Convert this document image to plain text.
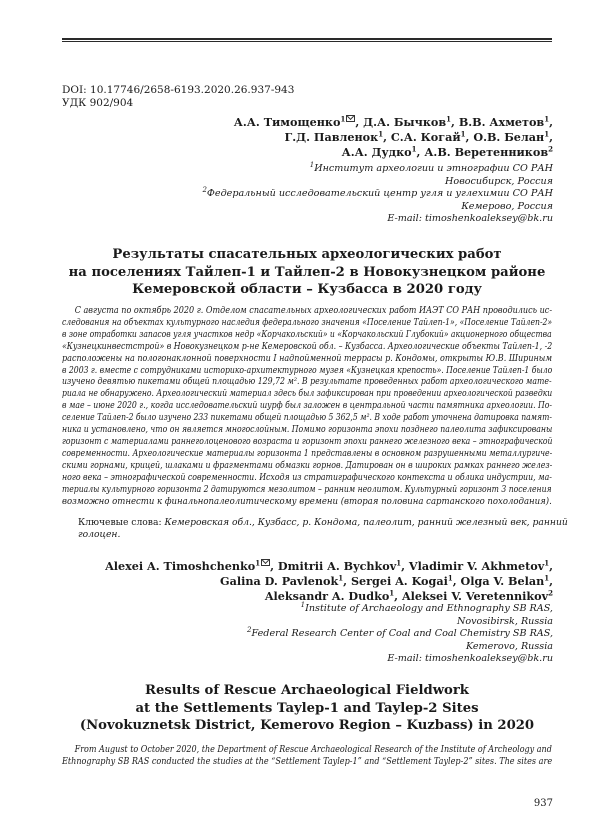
DOI: 10.17746/2658-6193.2020.26.937-943
УДК 902/904
А.А. Тимощенко$^1$ , Д.А. Бычков$^1$, В.В. Ахметов$^1$,
Г.Д. Павленок$^1$, С.А. Когай$^1$, О.В. Белан$^1$,
А.А. Дудко$^1$, А.В. Веретенников$^2$
$^1$Институт археологии и этнографии СО РАН
Новосибирск, Россия
$^2$Федеральный исследовательский центр угля и углехимии СО РАН
Кемерово, Россия
E-mail: timoshenkoaleksey@bk.ru
Результаты спасательных археологических работ
на поселениях Тайлеп-1 и Тайлеп-2 в Новокузнецком районе
Кемеровской области – Кузбасса в 2020 году
С августа по октябрь 2020 г. Отделом спасательных археологических работ ИАЭТ СО РАН проводились ис-
следования на объектах культурного наследия федерального значения «Поселение Тайлеп-1», «Поселение Тайлеп-2»
в зоне отработки запасов угля участков недр «Корчакольский» и «Корчакольский Глубокий» акционерного общества
«Кузнецкинвестстрой» в Новокузнецком р-не Кемеровской обл. – Кузбасса. Археологические объекты Тайлеп-1, -2
расположены на пологонаклонной поверхности I надпойменной террасы р. Кондомы, открыты Ю.В. Шириным
в 2003 г. вместе с сотрудниками историко-архитектурного музея «Кузнецкая крепость». Поселение Тайлеп-1 было
изучено девятью пикетами общей площадью 129,72 м². В результате проведенных работ археологического мате-
риала не обнаружено. Археологический материал здесь был зафиксирован при проведении археологической разведки
в мае – июне 2020 г., когда исследовательский шурф был заложен в центральной части памятника археологии. По-
селение Тайлеп-2 было изучено 233 пикетами общей площадью 5 362,5 м². В ходе работ уточнена датировка памят-
ника и установлено, что он является многослойным. Помимо горизонта эпохи позднего палеолита зафиксированы
горизонт с материалами раннеголоценового возраста и горизонт эпохи раннего железного века – этнографической
современности. Археологические материалы горизонта 1 представлены в основном разрушенными металлургиче-
скими горнами, крицей, шлаками и фрагментами обмазки горнов. Датирован он в широких рамках раннего желез-
ного века – этнографической современности. Исходя из стратиграфического контекста и облика индустрии, ма-
териалы культурного горизонта 2 датируются мезолитом – ранним неолитом. Культурный горизонт 3 поселения
возможно отнести к финальнопалеолитическому времени (вторая половина сартанского похолодания).
Ключевые слова: Кемеровская обл., Кузбасс, р. Кондома, палеолит, ранний железный век, ранний голоцен.
Alexei A. Timoshchenko$^1$ , Dmitrii A. Bychkov$^1$, Vladimir V. Akhmetov$^1$,
Galina D. Pavlenok$^1$, Sergei A. Kogai$^1$, Olga V. Belan$^1$,
Aleksandr A. Dudko$^1$, Aleksei V. Veretennikov$^2$
$^1$Institute of Archaeology and Ethnography SB RAS,
Novosibirsk, Russia
$^2$Federal Research Center of Coal and Coal Chemistry SB RAS,
Kemerovo, Russia
E-mail: timoshenkoaleksey@bk.ru
Results of Rescue Archaeological Fieldwork
at the Settlements Taylep-1 and Taylep-2 Sites
(Novokuznetsk District, Kemerovo Region – Kuzbass) in 2020
From August to October 2020, the Department of Rescue Archaeological Research of the Institute of Archeology and
Ethnography SB RAS conducted the studies at the “Settlement Taylep-1” and “Settlement Taylep-2” sites. The sites are
937
